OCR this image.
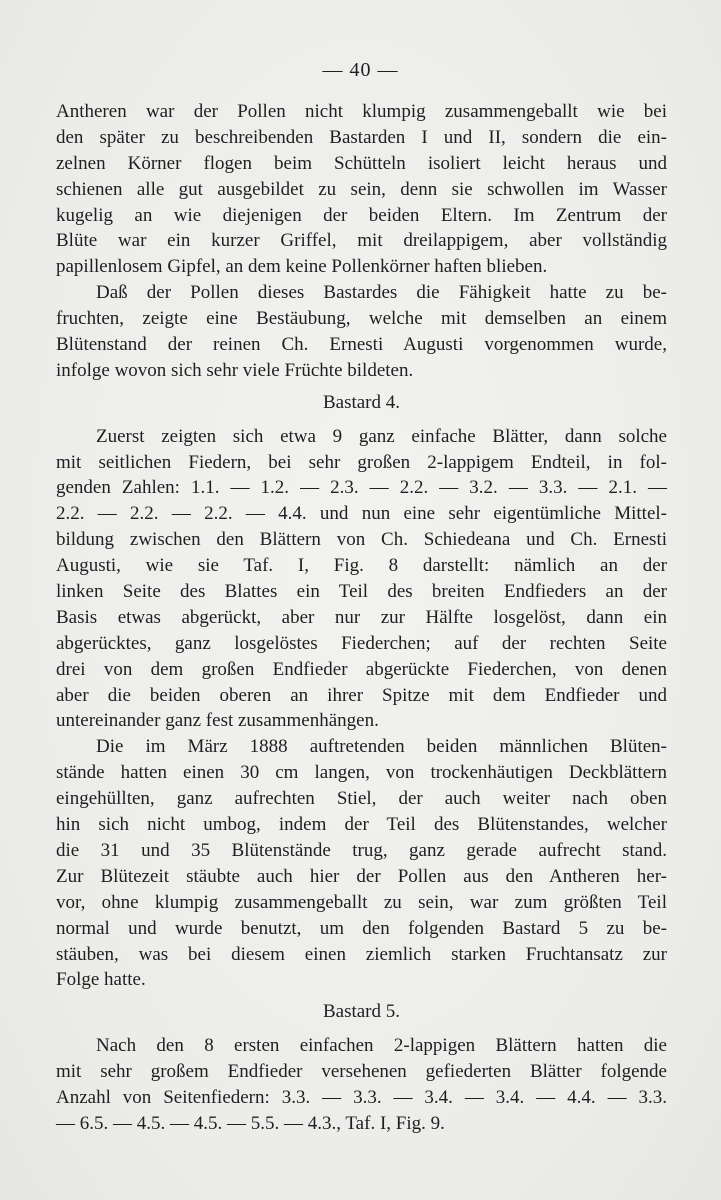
— 40 —

Antheren war der Pollen nicht klumpig zusammengeballt wie bei
den später zu beschreibenden Bastarden I und II, sondern die ein-
zelnen Körner flogen beim Schütteln isoliert leicht heraus und
schienen alle gut ausgebildet zu sein, denn sie schwollen im Wasser
kugelig an wie diejenigen der beiden Eltern. Im Zentrum der
Blüte war ein kurzer Griffel, mit dreilappigem, aber vollständig
papillenlosem Gipfel, an dem keine Pollenkörner haften blieben.

Daß der Pollen dieses Bastardes die Fähigkeit hatte zu be-
fruchten, zeigte eine Bestäubung, welche mit demselben an einem
Blütenstand der reinen Ch. Ernesti Augusti vorgenommen wurde,
infolge wovon sich sehr viele Früchte bildeten.

Bastard 4.

Zuerst zeigten sich etwa 9 ganz einfache Blätter, dann solche
mit seitlichen Fiedern, bei sehr großen 2-lappigem Endteil, in fol-
genden Zahlen: 1.1. — 1.2. — 2.3. — 2.2. — 3.2. — 3.3. — 2.1. —
2.2. — 2.2. — 2.2. — 4.4. und nun eine sehr eigentümliche Mittel-
bildung zwischen den Blättern von Ch. Schiedeana und Ch. Ernesti
Augusti, wie sie Taf. I, Fig. 8 darstellt: nämlich an der
linken Seite des Blattes ein Teil des breiten Endfieders an der
Basis etwas abgerückt, aber nur zur Hälfte losgelöst, dann ein
abgerücktes, ganz losgelöstes Fiederchen; auf der rechten Seite
drei von dem großen Endfieder abgerückte Fiederchen, von denen
aber die beiden oberen an ihrer Spitze mit dem Endfieder und
untereinander ganz fest zusammenhängen.

Die im März 1888 auftretenden beiden männlichen Blüten-
stände hatten einen 30 cm langen, von trockenhäutigen Deckblättern
eingehüllten, ganz aufrechten Stiel, der auch weiter nach oben
hin sich nicht umbog, indem der Teil des Blütenstandes, welcher
die 31 und 35 Blütenstände trug, ganz gerade aufrecht stand.
Zur Blütezeit stäubte auch hier der Pollen aus den Antheren her-
vor, ohne klumpig zusammengeballt zu sein, war zum größten Teil
normal und wurde benutzt, um den folgenden Bastard 5 zu be-
stäuben, was bei diesem einen ziemlich starken Fruchtansatz zur
Folge hatte.

Bastard 5.

Nach den 8 ersten einfachen 2-lappigen Blättern hatten die
mit sehr großem Endfieder versehenen gefiederten Blätter folgende
Anzahl von Seitenfiedern: 3.3. — 3.3. — 3.4. — 3.4. — 4.4. — 3.3.
— 6.5. — 4.5. — 4.5. — 5.5. — 4.3., Taf. I, Fig. 9.
